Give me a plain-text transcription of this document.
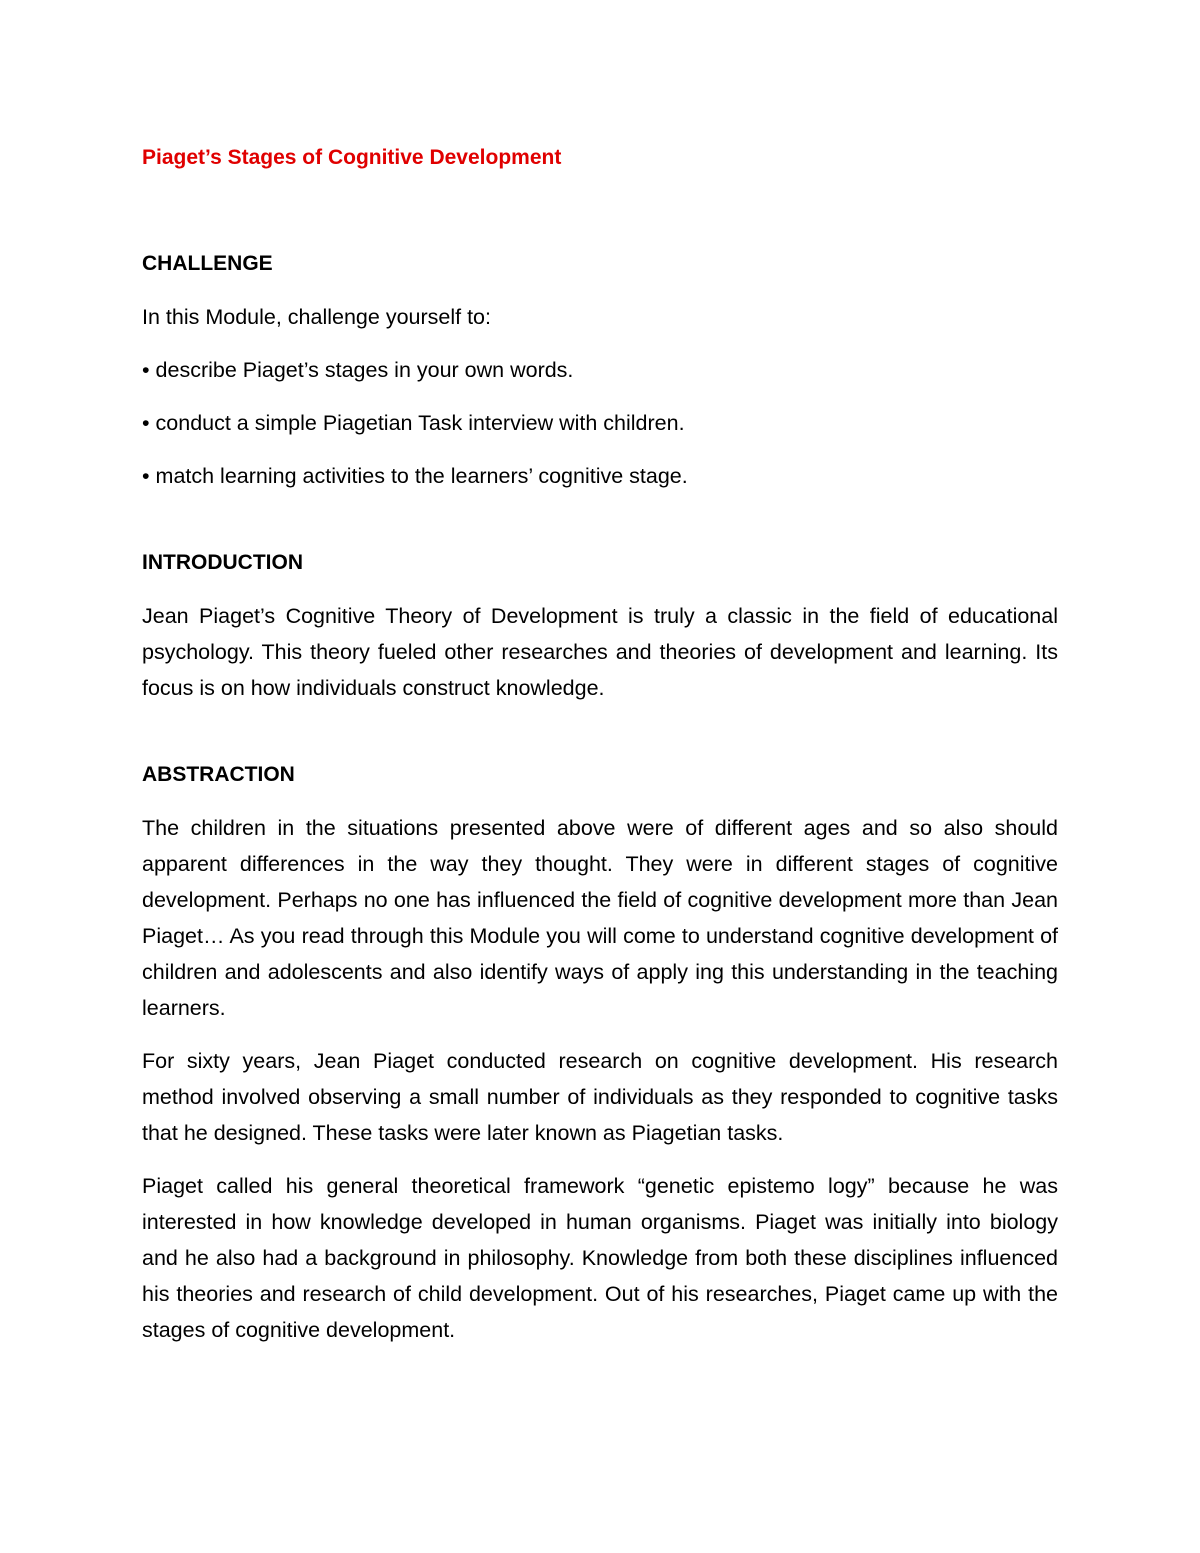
Piaget’s Stages of Cognitive Development

CHALLENGE

In this Module, challenge yourself to:

• describe Piaget’s stages in your own words.
• conduct a simple Piagetian Task interview with children.
• match learning activities to the learners’ cognitive stage.

INTRODUCTION

Jean Piaget’s Cognitive Theory of Development is truly a classic in the field of educational psychology. This theory fueled other researches and theories of development and learning. Its focus is on how individuals construct knowledge.

ABSTRACTION

The children in the situations presented above were of different ages and so also should apparent differences in the way they thought. They were in different stages of cognitive development. Perhaps no one has influenced the field of cognitive development more than Jean Piaget… As you read through this Module you will come to understand cognitive development of children and adolescents and also identify ways of apply ing this understanding in the teaching learners.

For sixty years, Jean Piaget conducted research on cognitive development. His research method involved observing a small number of individuals as they responded to cognitive tasks that he designed. These tasks were later known as Piagetian tasks.

Piaget called his general theoretical framework “genetic epistemo logy” because he was interested in how knowledge developed in human organisms. Piaget was initially into biology and he also had a background in philosophy. Knowledge from both these disciplines influenced his theories and research of child development. Out of his researches, Piaget came up with the stages of cognitive development.
